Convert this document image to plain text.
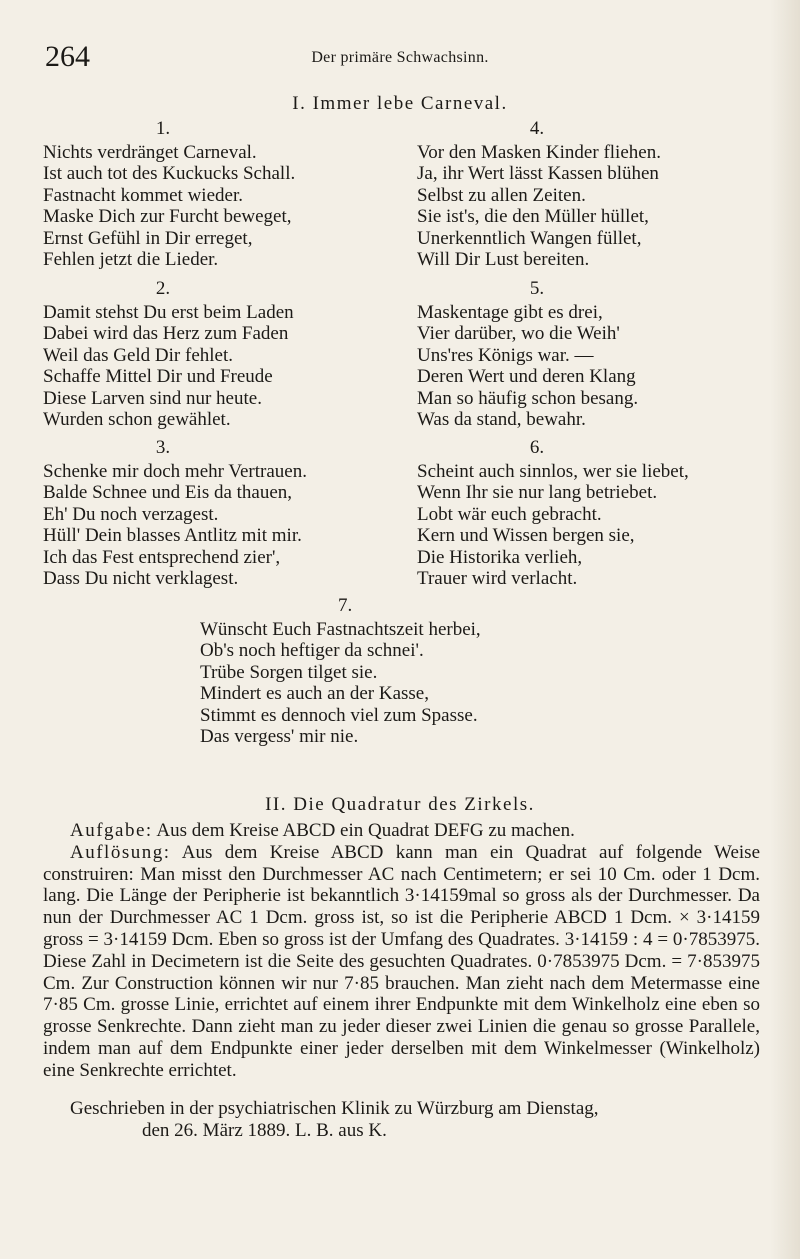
264	Der primäre Schwachsinn.
I. Immer lebe Carneval.
1.
Nichts verdränget Carneval.
Ist auch tot des Kuckucks Schall.
Fastnacht kommet wieder.
Maske Dich zur Furcht beweget,
Ernst Gefühl in Dir erreget,
Fehlen jetzt die Lieder.
2.
Damit stehst Du erst beim Laden
Dabei wird das Herz zum Faden
Weil das Geld Dir fehlet.
Schaffe Mittel Dir und Freude
Diese Larven sind nur heute.
Wurden schon gewählet.
3.
Schenke mir doch mehr Vertrauen.
Balde Schnee und Eis da thauen,
Eh' Du noch verzagest.
Hüll' Dein blasses Antlitz mit mir.
Ich das Fest entsprechend zier',
Dass Du nicht verklagest.
4.
Vor den Masken Kinder fliehen.
Ja, ihr Wert lässt Kassen blühen
Selbst zu allen Zeiten.
Sie ist's, die den Müller hüllet,
Unerkenntlich Wangen füllet,
Will Dir Lust bereiten.
5.
Maskentage gibt es drei,
Vier darüber, wo die Weih'
Uns'res Königs war. —
Deren Wert und deren Klang
Man so häufig schon besang.
Was da stand, bewahr.
6.
Scheint auch sinnlos, wer sie liebet,
Wenn Ihr sie nur lang betriebet.
Lobt wär euch gebracht.
Kern und Wissen bergen sie,
Die Historika verlieh,
Trauer wird verlacht.
7.
Wünscht Euch Fastnachtszeit herbei,
Ob's noch heftiger da schnei'.
Trübe Sorgen tilget sie.
Mindert es auch an der Kasse,
Stimmt es dennoch viel zum Spasse.
Das vergess' mir nie.
II. Die Quadratur des Zirkels.

Aufgabe: Aus dem Kreise ABCD ein Quadrat DEFG zu machen.

Auflösung: Aus dem Kreise ABCD kann man ein Quadrat auf folgende Weise construiren: Man misst den Durchmesser AC nach Centimetern; er sei 10 Cm. oder 1 Dcm. lang. Die Länge der Peripherie ist bekanntlich 3·14159mal so gross als der Durchmesser. Da nun der Durchmesser AC 1 Dcm. gross ist, so ist die Peripherie ABCD 1 Dcm. × 3·14159 gross = 3·14159 Dcm. Eben so gross ist der Umfang des Quadrates. 3·14159 : 4 = 0·7853975. Diese Zahl in Decimetern ist die Seite des gesuchten Quadrates. 0·7853975 Dcm. = 7·853975 Cm. Zur Construction können wir nur 7·85 brauchen. Man zieht nach dem Metermasse eine 7·85 Cm. grosse Linie, errichtet auf einem ihrer Endpunkte mit dem Winkelholz eine eben so grosse Senkrechte. Dann zieht man zu jeder dieser zwei Linien die genau so grosse Parallele, indem man auf dem Endpunkte einer jeder derselben mit dem Winkelmesser (Winkelholz) eine Senkrechte errichtet.

Geschrieben in der psychiatrischen Klinik zu Würzburg am Dienstag,
den 26. März 1889. L. B. aus K.
